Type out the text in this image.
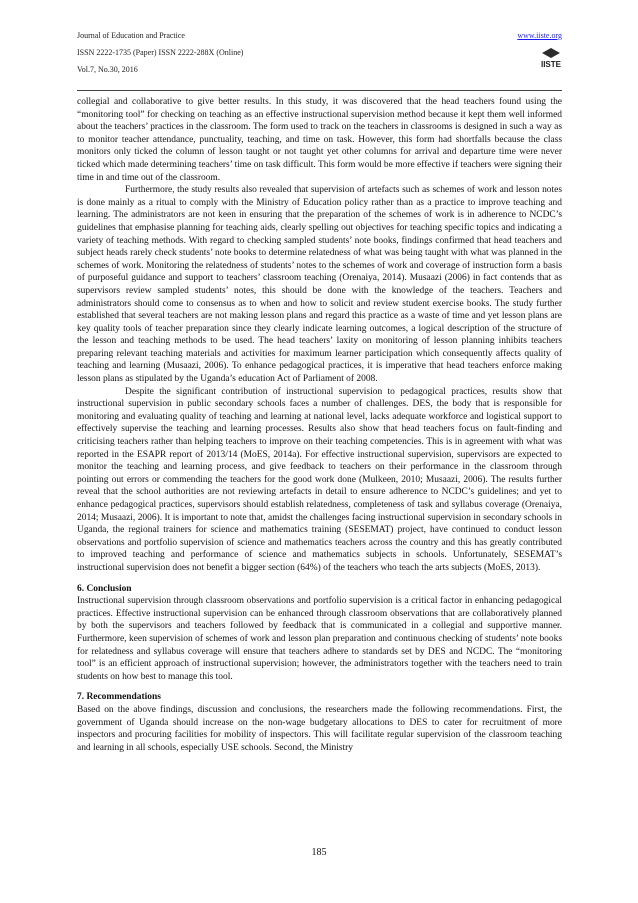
Journal of Education and Practice
ISSN 2222-1735 (Paper) ISSN 2222-288X (Online)
Vol.7, No.30, 2016
www.iiste.org
IISTE

collegial and collaborative to give better results. In this study, it was discovered that the head teachers found using the “monitoring tool” for checking on teaching as an effective instructional supervision method because it kept them well informed about the teachers’ practices in the classroom. The form used to track on the teachers in classrooms is designed in such a way as to monitor teacher attendance, punctuality, teaching, and time on task. However, this form had shortfalls because the class monitors only ticked the column of lesson taught or not taught yet other columns for arrival and departure time were never ticked which made determining teachers’ time on task difficult. This form would be more effective if teachers were signing their time in and time out of the classroom.

Furthermore, the study results also revealed that supervision of artefacts such as schemes of work and lesson notes is done mainly as a ritual to comply with the Ministry of Education policy rather than as a practice to improve teaching and learning. The administrators are not keen in ensuring that the preparation of the schemes of work is in adherence to NCDC’s guidelines that emphasise planning for teaching aids, clearly spelling out objectives for teaching specific topics and indicating a variety of teaching methods. With regard to checking sampled students’ note books, findings confirmed that head teachers and subject heads rarely check students’ note books to determine relatedness of what was being taught with what was planned in the schemes of work. Monitoring the relatedness of students’ notes to the schemes of work and coverage of instruction form a basis of purposeful guidance and support to teachers’ classroom teaching (Orenaiya, 2014). Musaazi (2006) in fact contends that as supervisors review sampled students’ notes, this should be done with the knowledge of the teachers. Teachers and administrators should come to consensus as to when and how to solicit and review student exercise books. The study further established that several teachers are not making lesson plans and regard this practice as a waste of time and yet lesson plans are key quality tools of teacher preparation since they clearly indicate learning outcomes, a logical description of the structure of the lesson and teaching methods to be used. The head teachers’ laxity on monitoring of lesson planning inhibits teachers preparing relevant teaching materials and activities for maximum learner participation which consequently affects quality of teaching and learning (Musaazi, 2006). To enhance pedagogical practices, it is imperative that head teachers enforce making lesson plans as stipulated by the Uganda’s education Act of Parliament of 2008.

Despite the significant contribution of instructional supervision to pedagogical practices, results show that instructional supervision in public secondary schools faces a number of challenges. DES, the body that is responsible for monitoring and evaluating quality of teaching and learning at national level, lacks adequate workforce and logistical support to effectively supervise the teaching and learning processes. Results also show that head teachers focus on fault-finding and criticising teachers rather than helping teachers to improve on their teaching competencies. This is in agreement with what was reported in the ESAPR report of 2013/14 (MoES, 2014a). For effective instructional supervision, supervisors are expected to monitor the teaching and learning process, and give feedback to teachers on their performance in the classroom through pointing out errors or commending the teachers for the good work done (Mulkeen, 2010; Musaazi, 2006). The results further reveal that the school authorities are not reviewing artefacts in detail to ensure adherence to NCDC’s guidelines; and yet to enhance pedagogical practices, supervisors should establish relatedness, completeness of task and syllabus coverage (Orenaiya, 2014; Musaazi, 2006). It is important to note that, amidst the challenges facing instructional supervision in secondary schools in Uganda, the regional trainers for science and mathematics training (SESEMAT) project, have continued to conduct lesson observations and portfolio supervision of science and mathematics teachers across the country and this has greatly contributed to improved teaching and performance of science and mathematics subjects in schools. Unfortunately, SESEMAT’s instructional supervision does not benefit a bigger section (64%) of the teachers who teach the arts subjects (MoES, 2013).

6. Conclusion

Instructional supervision through classroom observations and portfolio supervision is a critical factor in enhancing pedagogical practices. Effective instructional supervision can be enhanced through classroom observations that are collaboratively planned by both the supervisors and teachers followed by feedback that is communicated in a collegial and supportive manner. Furthermore, keen supervision of schemes of work and lesson plan preparation and continuous checking of students’ note books for relatedness and syllabus coverage will ensure that teachers adhere to standards set by DES and NCDC. The “monitoring tool” is an efficient approach of instructional supervision; however, the administrators together with the teachers need to train students on how best to manage this tool.

7. Recommendations

Based on the above findings, discussion and conclusions, the researchers made the following recommendations. First, the government of Uganda should increase on the non-wage budgetary allocations to DES to cater for recruitment of more inspectors and procuring facilities for mobility of inspectors. This will facilitate regular supervision of the classroom teaching and learning in all schools, especially USE schools. Second, the Ministry

185
